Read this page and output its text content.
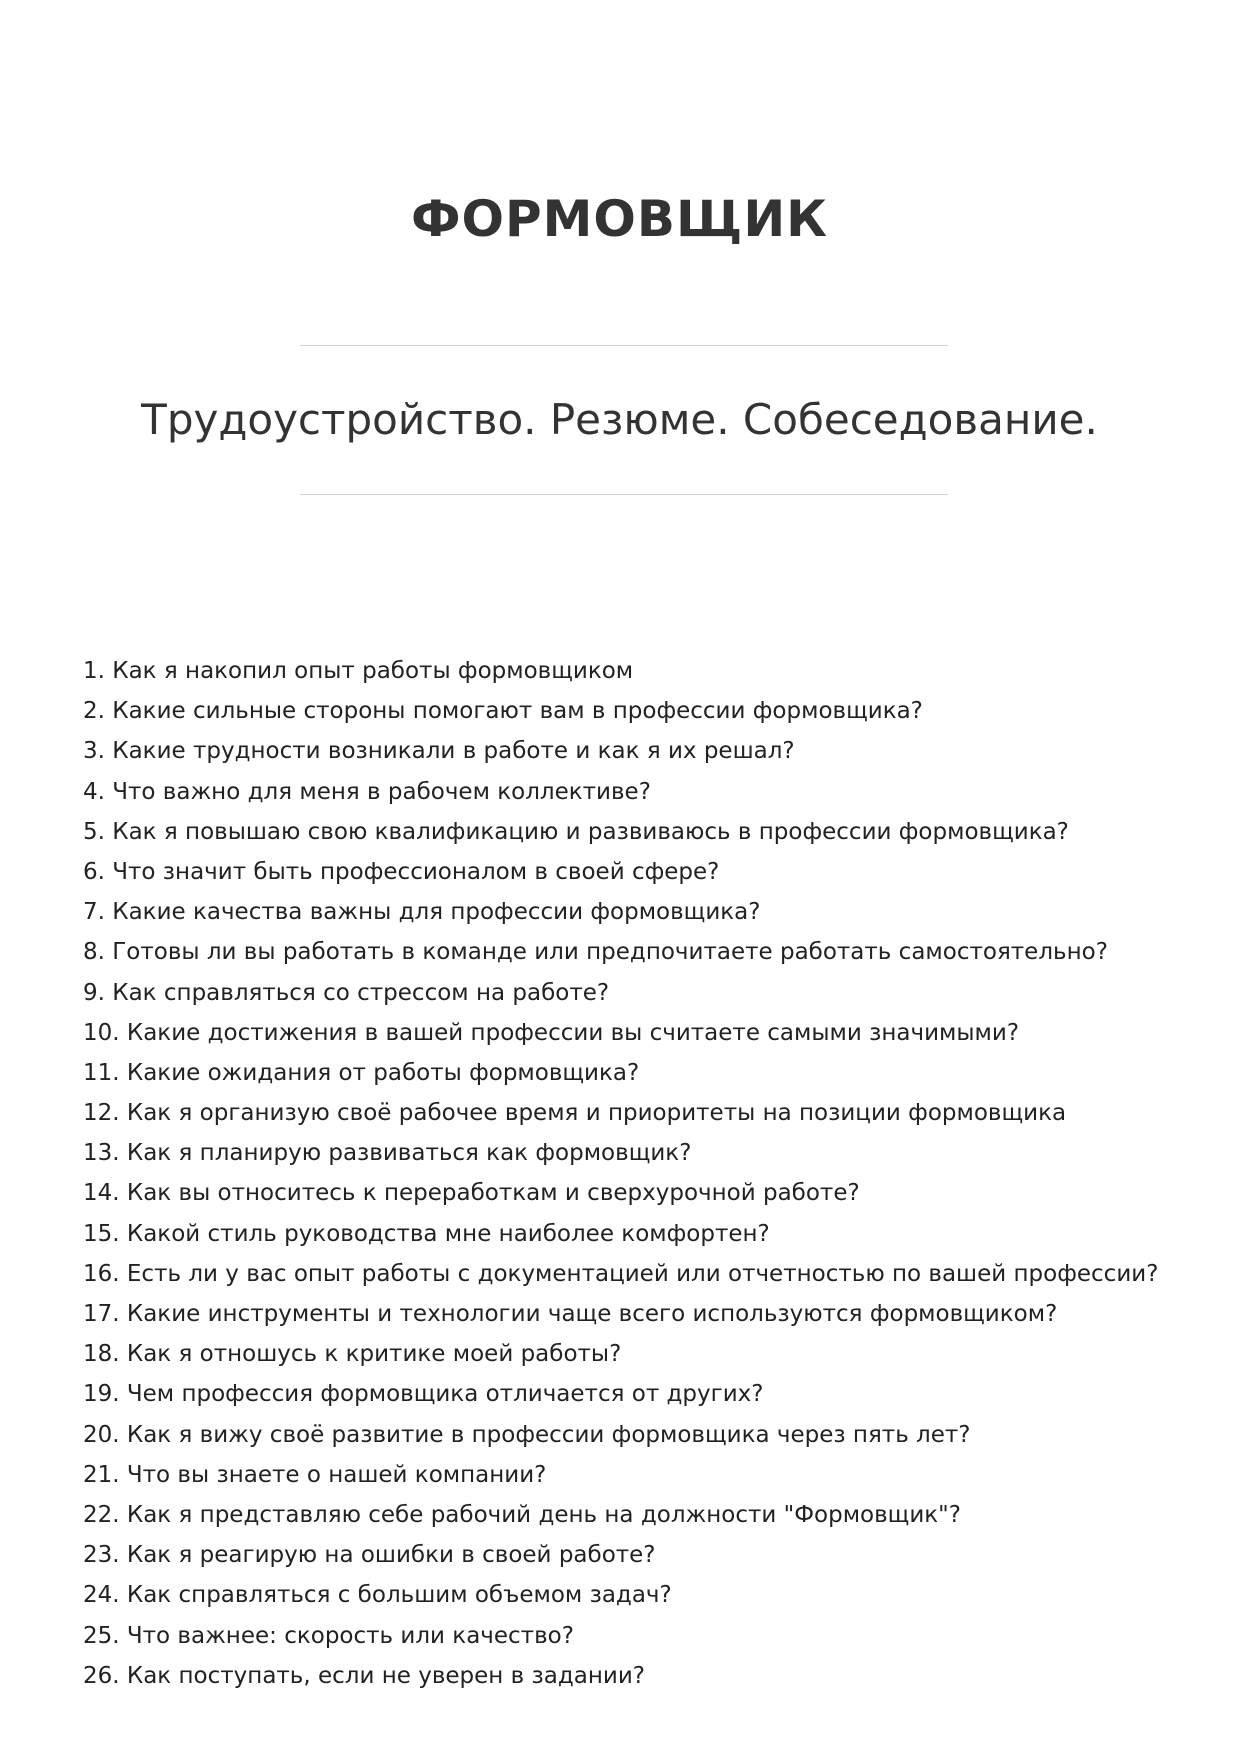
ФОРМОВЩИК
Трудоустройство. Резюме. Собеседование.
1. Как я накопил опыт работы формовщиком
2. Какие сильные стороны помогают вам в профессии формовщика?
3. Какие трудности возникали в работе и как я их решал?
4. Что важно для меня в рабочем коллективе?
5. Как я повышаю свою квалификацию и развиваюсь в профессии формовщика?
6. Что значит быть профессионалом в своей сфере?
7. Какие качества важны для профессии формовщика?
8. Готовы ли вы работать в команде или предпочитаете работать самостоятельно?
9. Как справляться со стрессом на работе?
10. Какие достижения в вашей профессии вы считаете самыми значимыми?
11. Какие ожидания от работы формовщика?
12. Как я организую своё рабочее время и приоритеты на позиции формовщика
13. Как я планирую развиваться как формовщик?
14. Как вы относитесь к переработкам и сверхурочной работе?
15. Какой стиль руководства мне наиболее комфортен?
16. Есть ли у вас опыт работы с документацией или отчетностью по вашей профессии?
17. Какие инструменты и технологии чаще всего используются формовщиком?
18. Как я отношусь к критике моей работы?
19. Чем профессия формовщика отличается от других?
20. Как я вижу своё развитие в профессии формовщика через пять лет?
21. Что вы знаете о нашей компании?
22. Как я представляю себе рабочий день на должности "Формовщик"?
23. Как я реагирую на ошибки в своей работе?
24. Как справляться с большим объемом задач?
25. Что важнее: скорость или качество?
26. Как поступать, если не уверен в задании?
